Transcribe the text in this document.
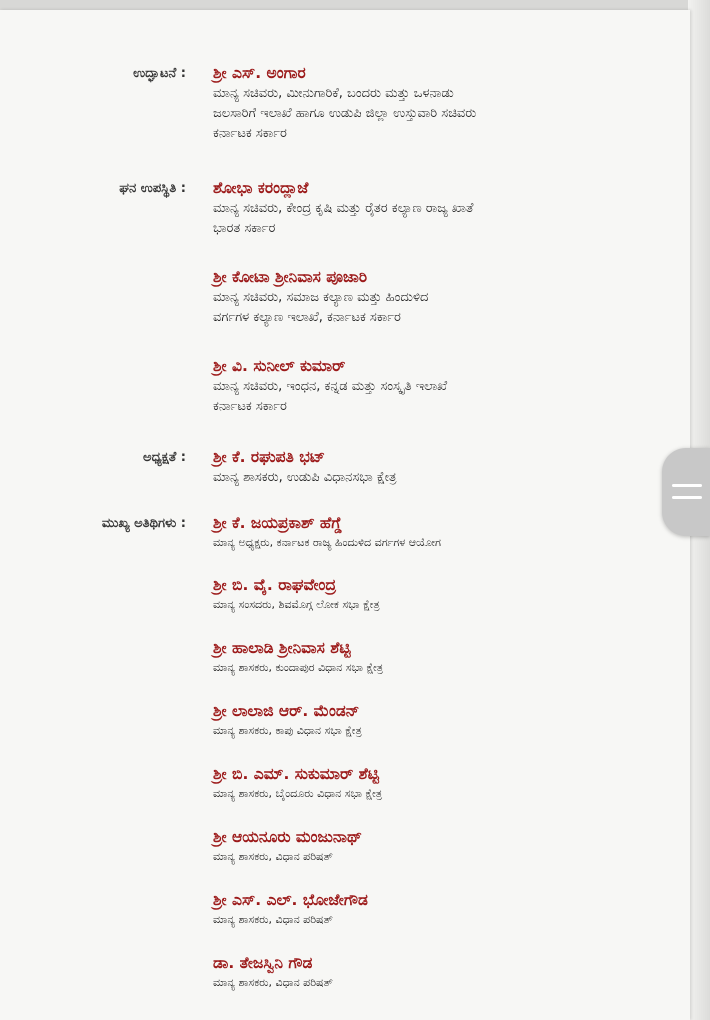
ಉದ್ಘಾಟನೆ :
ಘನ ಉಪಸ್ಥಿತಿ :
ಅಧ್ಯಕ್ಷತೆ :
ಮುಖ್ಯ ಅತಿಥಿಗಳು :
ಶ್ರೀ ಎಸ್. ಅಂಗಾರ
ಮಾನ್ಯ ಸಚಿವರು, ಮೀನುಗಾರಿಕೆ, ಬಂದರು ಮತ್ತು ಒಳನಾಡು
ಜಲಸಾರಿಗೆ ಇಲಾಖೆ ಹಾಗೂ ಉಡುಪಿ ಜಿಲ್ಲಾ ಉಸ್ತುವಾರಿ ಸಚಿವರು
ಕರ್ನಾಟಕ ಸರ್ಕಾರ
ಶೋಭಾ ಕರಂದ್ಲಾಜೆ
ಮಾನ್ಯ ಸಚಿವರು, ಕೇಂದ್ರ ಕೃಷಿ ಮತ್ತು ರೈತರ ಕಲ್ಯಾಣ ರಾಜ್ಯ ಖಾತೆ
ಭಾರತ ಸರ್ಕಾರ
ಶ್ರೀ ಕೋಟಾ ಶ್ರೀನಿವಾಸ ಪೂಜಾರಿ
ಮಾನ್ಯ ಸಚಿವರು, ಸಮಾಜ ಕಲ್ಯಾಣ ಮತ್ತು ಹಿಂದುಳಿದ
ವರ್ಗಗಳ ಕಲ್ಯಾಣ ಇಲಾಖೆ, ಕರ್ನಾಟಕ ಸರ್ಕಾರ
ಶ್ರೀ ವಿ. ಸುನೀಲ್ ಕುಮಾರ್
ಮಾನ್ಯ ಸಚಿವರು, ಇಂಧನ, ಕನ್ನಡ ಮತ್ತು ಸಂಸ್ಕೃತಿ ಇಲಾಖೆ
ಕರ್ನಾಟಕ ಸರ್ಕಾರ
ಶ್ರೀ ಕೆ. ರಘುಪತಿ ಭಟ್
ಮಾನ್ಯ ಶಾಸಕರು, ಉಡುಪಿ ವಿಧಾನಸಭಾ ಕ್ಷೇತ್ರ
ಶ್ರೀ ಕೆ. ಜಯಪ್ರಕಾಶ್ ಹೆಗ್ಡೆ
ಮಾನ್ಯ ಅಧ್ಯಕ್ಷರು, ಕರ್ನಾಟಕ ರಾಜ್ಯ ಹಿಂದುಳಿದ ವರ್ಗಗಳ ಆಯೋಗ
ಶ್ರೀ ಬಿ. ವೈ. ರಾಘವೇಂದ್ರ
ಮಾನ್ಯ ಸಂಸದರು, ಶಿವಮೊಗ್ಗ ಲೋಕ ಸಭಾ ಕ್ಷೇತ್ರ
ಶ್ರೀ ಹಾಲಾಡಿ ಶ್ರೀನಿವಾಸ ಶೆಟ್ಟಿ
ಮಾನ್ಯ ಶಾಸಕರು, ಕುಂದಾಪುರ ವಿಧಾನ ಸಭಾ ಕ್ಷೇತ್ರ
ಶ್ರೀ ಲಾಲಾಜಿ ಆರ್. ಮೆಂಡನ್
ಮಾನ್ಯ ಶಾಸಕರು, ಕಾಪು ವಿಧಾನ ಸಭಾ ಕ್ಷೇತ್ರ
ಶ್ರೀ ಬಿ. ಎಮ್. ಸುಕುಮಾರ್ ಶೆಟ್ಟಿ
ಮಾನ್ಯ ಶಾಸಕರು, ಬೈಂದೂರು ವಿಧಾನ ಸಭಾ ಕ್ಷೇತ್ರ
ಶ್ರೀ ಆಯನೂರು ಮಂಜುನಾಥ್
ಮಾನ್ಯ ಶಾಸಕರು, ವಿಧಾನ ಪರಿಷತ್
ಶ್ರೀ ಎಸ್. ಎಲ್. ಭೋಜೇಗೌಡ
ಮಾನ್ಯ ಶಾಸಕರು, ವಿಧಾನ ಪರಿಷತ್
ಡಾ. ತೇಜಸ್ವಿನಿ ಗೌಡ
ಮಾನ್ಯ ಶಾಸಕರು, ವಿಧಾನ ಪರಿಷತ್
